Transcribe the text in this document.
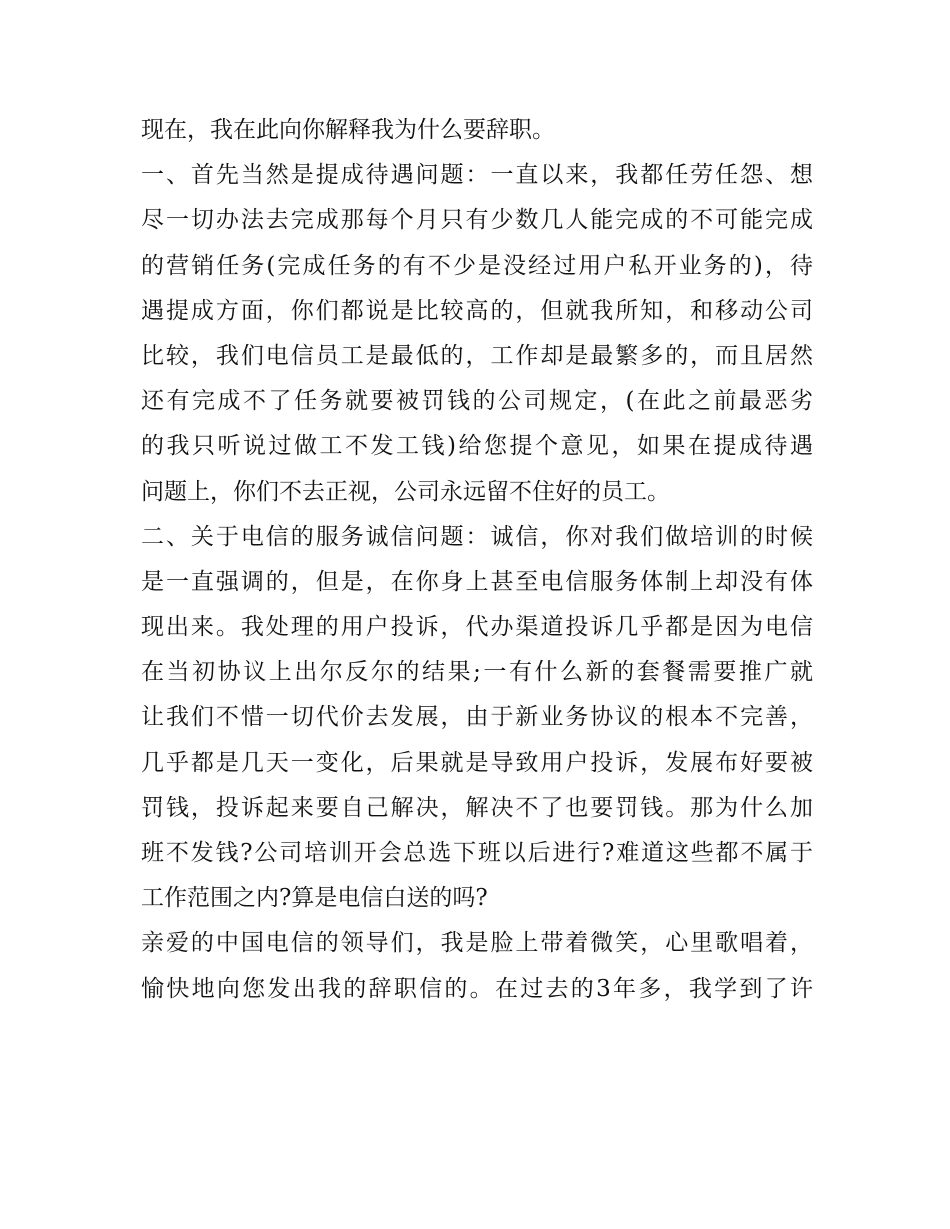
现在，我在此向你解释我为什么要辞职。
一、首先当然是提成待遇问题：一直以来，我都任劳任怨、想
尽一切办法去完成那每个月只有少数几人能完成的不可能完成
的营销任务(完成任务的有不少是没经过用户私开业务的)，待
遇提成方面，你们都说是比较高的，但就我所知，和移动公司
比较，我们电信员工是最低的，工作却是最繁多的，而且居然
还有完成不了任务就要被罚钱的公司规定，(在此之前最恶劣
的我只听说过做工不发工钱)给您提个意见，如果在提成待遇
问题上，你们不去正视，公司永远留不住好的员工。
二、关于电信的服务诚信问题：诚信，你对我们做培训的时候
是一直强调的，但是，在你身上甚至电信服务体制上却没有体
现出来。我处理的用户投诉，代办渠道投诉几乎都是因为电信
在当初协议上出尔反尔的结果;一有什么新的套餐需要推广就
让我们不惜一切代价去发展，由于新业务协议的根本不完善，
几乎都是几天一变化，后果就是导致用户投诉，发展布好要被
罚钱，投诉起来要自己解决，解决不了也要罚钱。那为什么加
班不发钱?公司培训开会总选下班以后进行?难道这些都不属于
工作范围之内?算是电信白送的吗?
亲爱的中国电信的领导们，我是脸上带着微笑，心里歌唱着，
愉快地向您发出我的辞职信的。在过去的3年多，我学到了许
